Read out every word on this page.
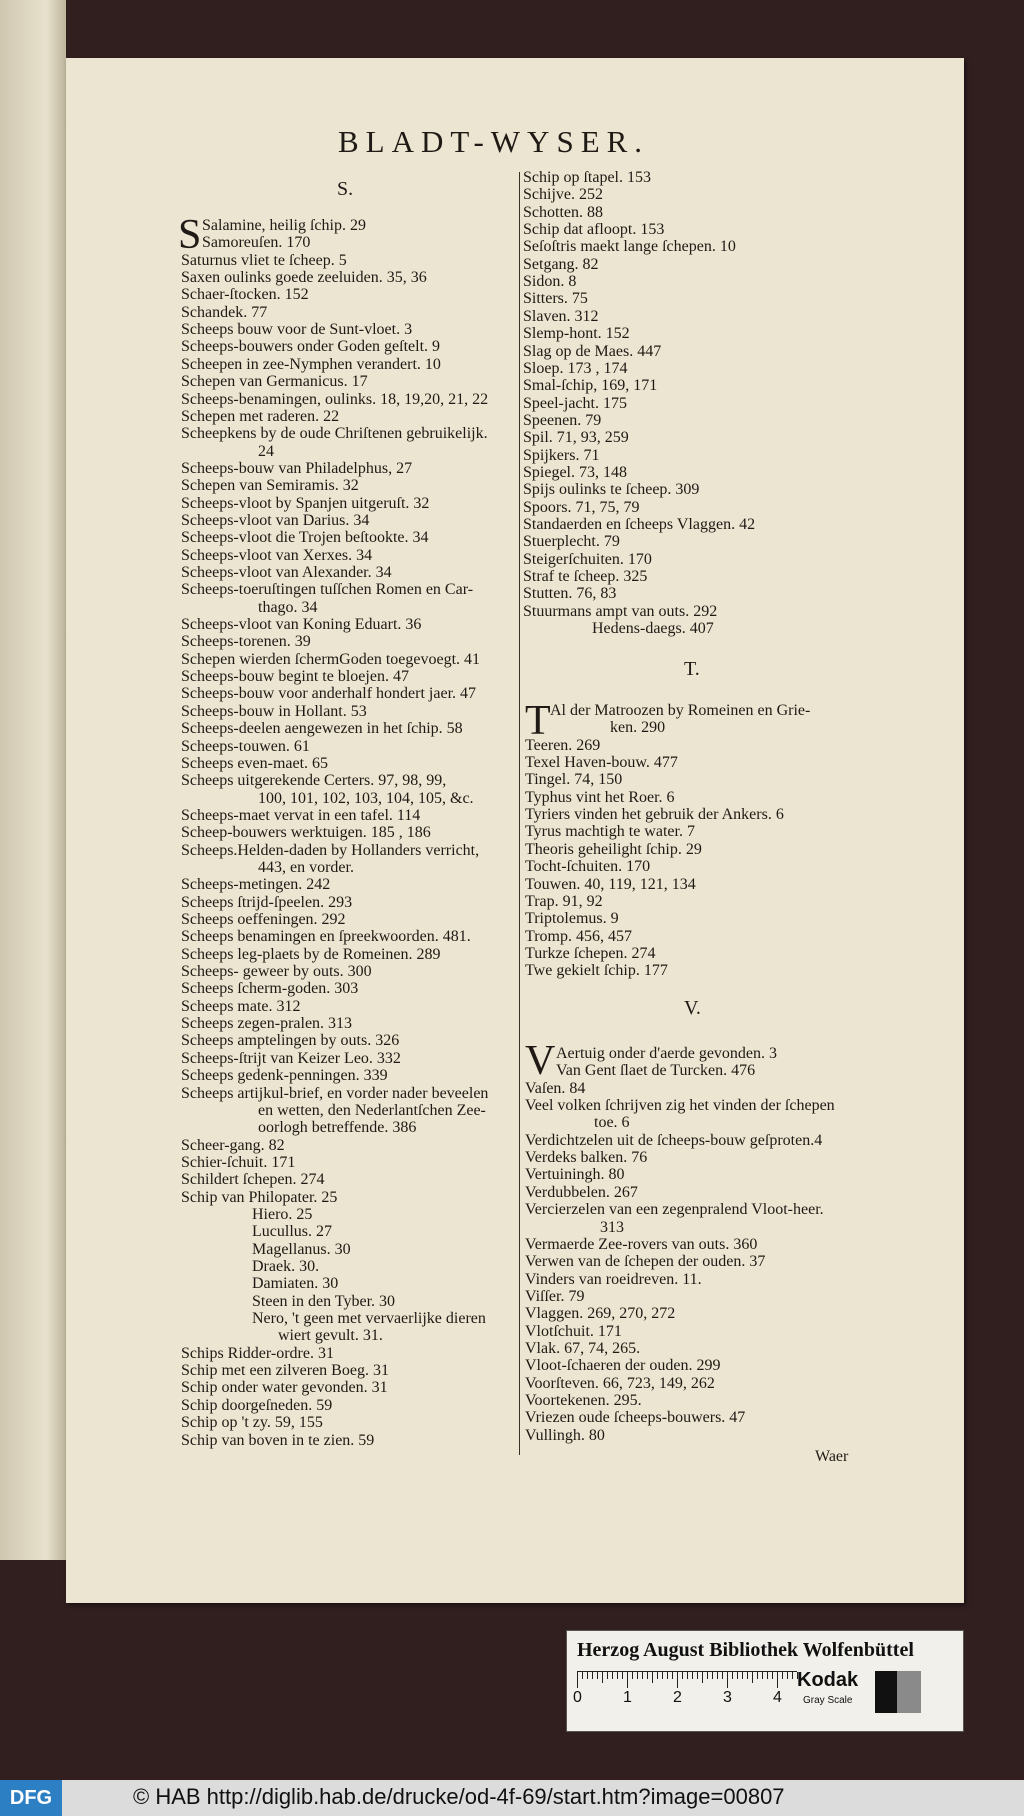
BLADT-WYSER.
Waer
Herzog August Bibliothek Wolfenbüttel
Kodak
Gray Scale
0	1	2	3	4
DFG	© HAB http://diglib.hab.de/drucke/od-4f-69/start.htm?image=00807
S.
Salamine, heilig ſchip. 29
Samoreuſen. 170
Saturnus vliet te ſcheep. 5
Saxen oulinks goede zeeluiden. 35, 36
Schaer-ſtocken. 152
Schandek. 77
Scheeps bouw voor de Sunt-vloet. 3
Scheeps-bouwers onder Goden geſtelt. 9
Scheepen in zee-Nymphen verandert. 10
Schepen van Germanicus. 17
Scheeps-benamingen, oulinks. 18, 19,20, 21, 22
Schepen met raderen. 22
Scheepkens by de oude Chriſtenen gebruikelijk.
24
Scheeps-bouw van Philadelphus, 27
Schepen van Semiramis. 32
Scheeps-vloot by Spanjen uitgeruſt. 32
Scheeps-vloot van Darius. 34
Scheeps-vloot die Trojen beſtookte. 34
Scheeps-vloot van Xerxes. 34
Scheeps-vloot van Alexander. 34
Scheeps-toeruſtingen tuſſchen Romen en Car-
thago. 34
Scheeps-vloot van Koning Eduart. 36
Scheeps-torenen. 39
Schepen wierden ſchermGoden toegevoegt. 41
Scheeps-bouw begint te bloejen. 47
Scheeps-bouw voor anderhalf hondert jaer. 47
Scheeps-bouw in Hollant. 53
Scheeps-deelen aengewezen in het ſchip. 58
Scheeps-touwen. 61
Scheeps even-maet. 65
Scheeps uitgerekende Certers. 97, 98, 99,
100, 101, 102, 103, 104, 105, &c.
Scheeps-maet vervat in een tafel. 114
Scheep-bouwers werktuigen. 185 , 186
Scheeps.Helden-daden by Hollanders verricht,
443, en vorder.
Scheeps-metingen. 242
Scheeps ſtrijd-ſpeelen. 293
Scheeps oeffeningen. 292
Scheeps benamingen en ſpreekwoorden. 481.
Scheeps leg-plaets by de Romeinen. 289
Scheeps- geweer by outs. 300
Scheeps ſcherm-goden. 303
Scheeps mate. 312
Scheeps zegen-pralen. 313
Scheeps amptelingen by outs. 326
Scheeps-ſtrijt van Keizer Leo. 332
Scheeps gedenk-penningen. 339
Scheeps artijkul-brief, en vorder nader beveelen
en wetten, den Nederlantſchen Zee-
oorlogh betreffende. 386
Scheer-gang. 82
Schier-ſchuit. 171
Schildert ſchepen. 274
Schip van Philopater. 25
Hiero. 25
Lucullus. 27
Magellanus. 30
Draek. 30.
Damiaten. 30
Steen in den Tyber. 30
Nero, 't geen met vervaerlijke dieren
wiert gevult. 31.
Schips Ridder-ordre. 31
Schip met een zilveren Boeg. 31
Schip onder water gevonden. 31
Schip doorgeſneden. 59
Schip op 't zy. 59, 155
Schip van boven in te zien. 59
S
Schip op ſtapel. 153
Schijve. 252
Schotten. 88
Schip dat afloopt. 153
Seſoſtris maekt lange ſchepen. 10
Setgang. 82
Sidon. 8
Sitters. 75
Slaven. 312
Slemp-hont. 152
Slag op de Maes. 447
Sloep. 173 , 174
Smal-ſchip, 169, 171
Speel-jacht. 175
Speenen. 79
Spil. 71, 93, 259
Spijkers. 71
Spiegel. 73, 148
Spijs oulinks te ſcheep. 309
Spoors. 71, 75, 79
Standaerden en ſcheeps Vlaggen. 42
Stuerplecht. 79
Steigerſchuiten. 170
Straf te ſcheep. 325
Stutten. 76, 83
Stuurmans ampt van outs. 292
Hedens-daegs. 407
T.
T Al der Matroozen by Romeinen en Grie-
ken. 290
Teeren. 269
Texel Haven-bouw. 477
Tingel. 74, 150
Typhus vint het Roer. 6
Tyriers vinden het gebruik der Ankers. 6
Tyrus machtigh te water. 7
Theoris geheilight ſchip. 29
Tocht-ſchuiten. 170
Touwen. 40, 119, 121, 134
Trap. 91, 92
Triptolemus. 9
Tromp. 456, 457
Turkze ſchepen. 274
Twe gekielt ſchip. 177
V.
V Aertuig onder d'aerde gevonden. 3
Van Gent ſlaet de Turcken. 476
Vaſen. 84
Veel volken ſchrijven zig het vinden der ſchepen
toe. 6
Verdichtzelen uit de ſcheeps-bouw geſproten.4
Verdeks balken. 76
Vertuiningh. 80
Verdubbelen. 267
Vercierzelen van een zegenpralend Vloot-heer.
313
Vermaerde Zee-rovers van outs. 360
Verwen van de ſchepen der ouden. 37
Vinders van roeidreven. 11.
Viſſer. 79
Vlaggen. 269, 270, 272
Vlotſchuit. 171
Vlak. 67, 74, 265.
Vloot-ſchaeren der ouden. 299
Voorſteven. 66, 723, 149, 262
Voortekenen. 295.
Vriezen oude ſcheeps-bouwers. 47
Vullingh. 80
